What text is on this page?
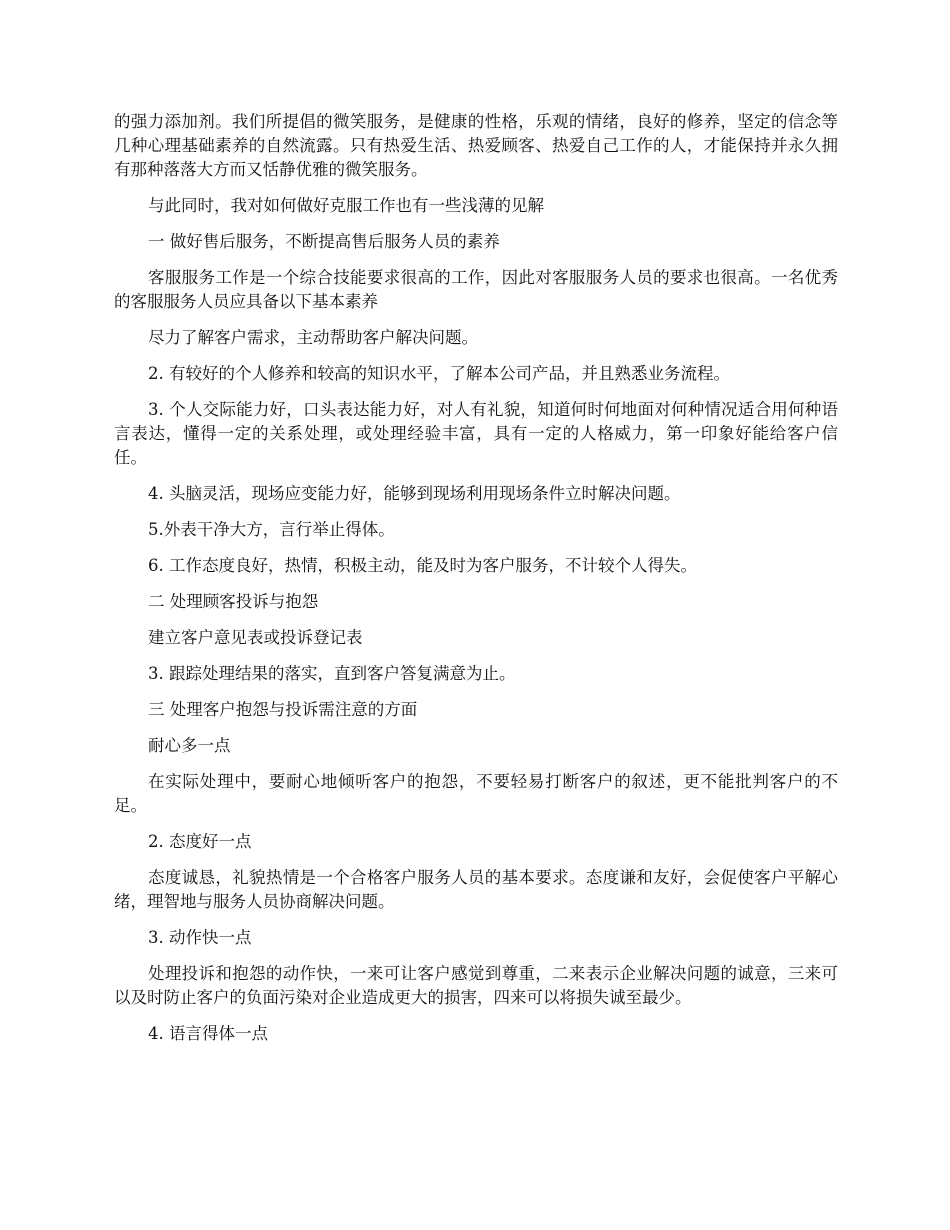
的强力添加剂。我们所提倡的微笑服务，是健康的性格，乐观的情绪，良好的修养，坚定的信念等几种心理基础素养的自然流露。只有热爱生活、热爱顾客、热爱自己工作的人，才能保持并永久拥有那种落落大方而又恬静优雅的微笑服务。

与此同时，我对如何做好克服工作也有一些浅薄的见解

一 做好售后服务，不断提高售后服务人员的素养

客服服务工作是一个综合技能要求很高的工作，因此对客服服务人员的要求也很高。一名优秀的客服服务人员应具备以下基本素养

尽力了解客户需求，主动帮助客户解决问题。

2. 有较好的个人修养和较高的知识水平，了解本公司产品，并且熟悉业务流程。

3. 个人交际能力好，口头表达能力好，对人有礼貌，知道何时何地面对何种情况适合用何种语言表达，懂得一定的关系处理，或处理经验丰富，具有一定的人格威力，第一印象好能给客户信任。

4. 头脑灵活，现场应变能力好，能够到现场利用现场条件立时解决问题。

5.外表干净大方，言行举止得体。

6. 工作态度良好，热情，积极主动，能及时为客户服务，不计较个人得失。

二 处理顾客投诉与抱怨

建立客户意见表或投诉登记表

3. 跟踪处理结果的落实，直到客户答复满意为止。

三 处理客户抱怨与投诉需注意的方面

耐心多一点

在实际处理中，要耐心地倾听客户的抱怨，不要轻易打断客户的叙述，更不能批判客户的不足。

2. 态度好一点

态度诚恳，礼貌热情是一个合格客户服务人员的基本要求。态度谦和友好，会促使客户平解心绪，理智地与服务人员协商解决问题。

3. 动作快一点

处理投诉和抱怨的动作快，一来可让客户感觉到尊重，二来表示企业解决问题的诚意，三来可以及时防止客户的负面污染对企业造成更大的损害，四来可以将损失诚至最少。

4. 语言得体一点
